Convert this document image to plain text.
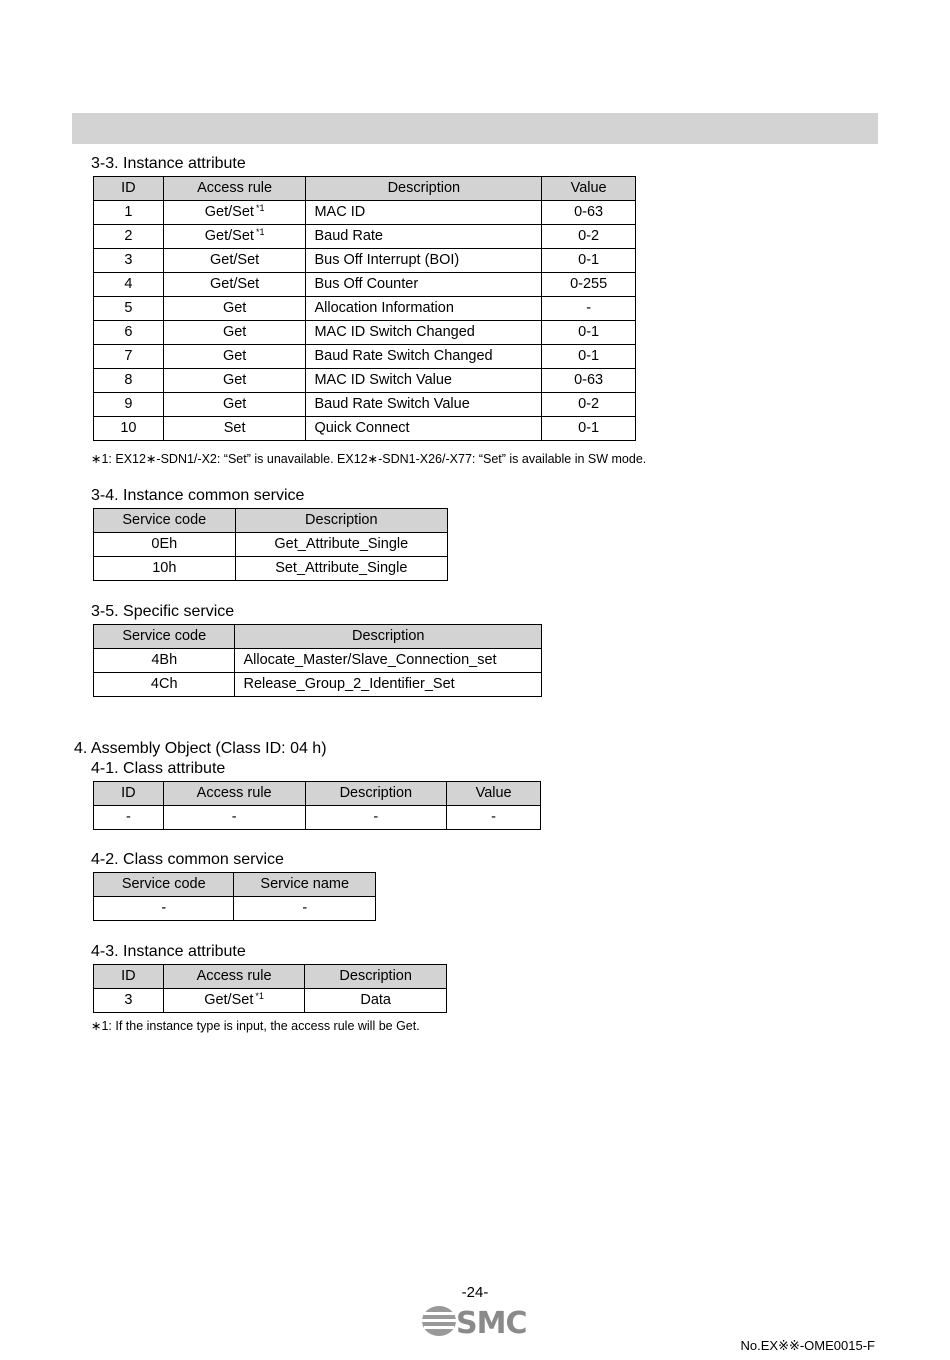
3-3. Instance attribute
ID	Access rule	Description	Value
1	Get/Set $^{*1}$	MAC ID	0-63
2	Get/Set $^{*1}$	Baud Rate	0-2
3	Get/Set	Bus Off Interrupt (BOI)	0-1
4	Get/Set	Bus Off Counter	0-255
5	Get	Allocation Information	-
6	Get	MAC ID Switch Changed	0-1
7	Get	Baud Rate Switch Changed	0-1
8	Get	MAC ID Switch Value	0-63
9	Get	Baud Rate Switch Value	0-2
10	Set	Quick Connect	0-1
∗1: EX12∗-SDN1/-X2: “Set” is unavailable. EX12∗-SDN1-X26/-X77: “Set” is available in SW mode.
3-4. Instance common service
Service code	Description
0Eh	Get_Attribute_Single
10h	Set_Attribute_Single
3-5. Specific service
Service code	Description
4Bh	Allocate_Master/Slave_Connection_set
4Ch	Release_Group_2_Identifier_Set
4. Assembly Object (Class ID: 04 h)
4-1. Class attribute
ID	Access rule	Description	Value
-	-	-	-
4-2. Class common service
Service code	Service name
-	-
4-3. Instance attribute
ID	Access rule	Description
3	Get/Set $^{*1}$	Data
∗1: If the instance type is input, the access rule will be Get.
-24-
SMC
No.EX※※-OME0015-F
